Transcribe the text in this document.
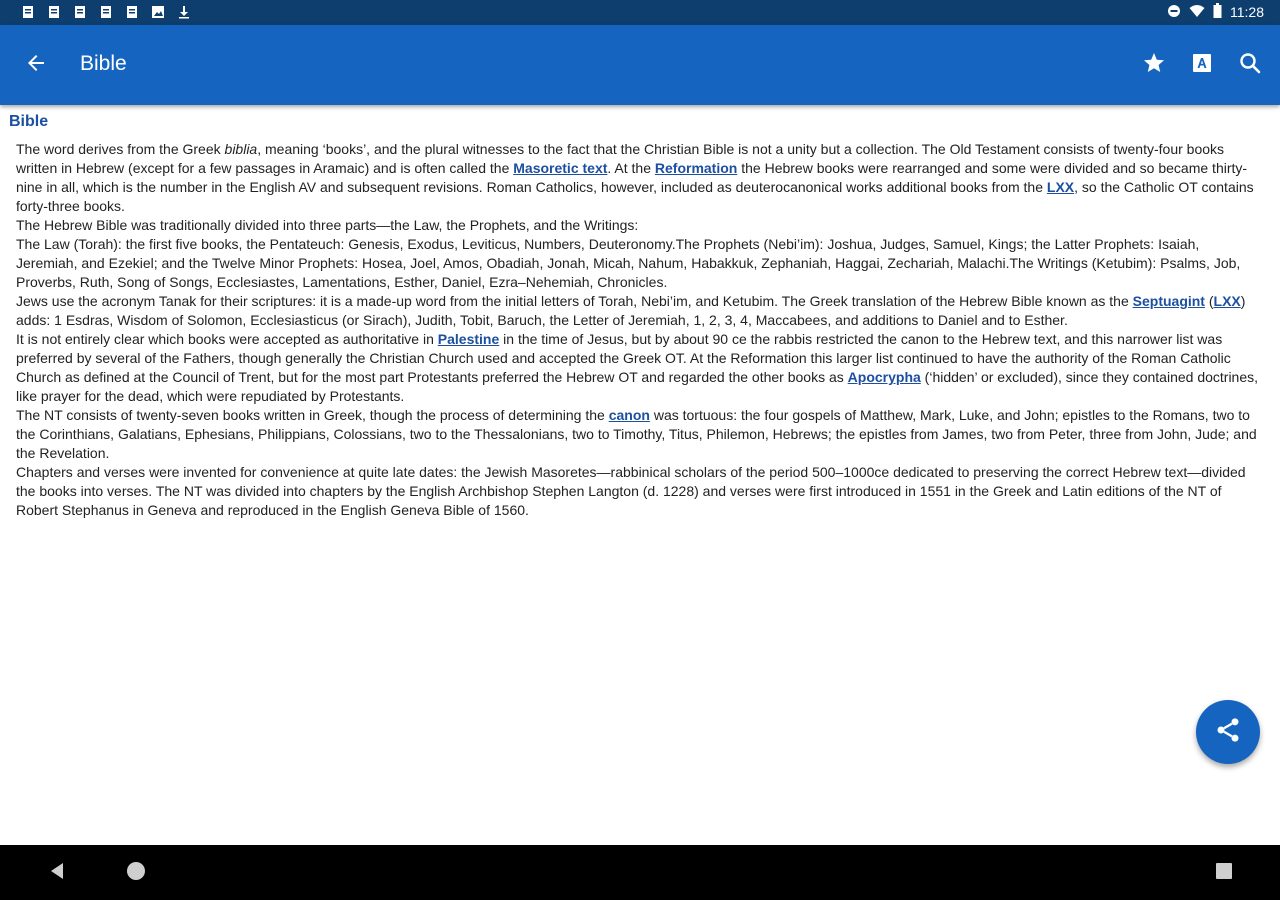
11:28
Bible
Bible

The word derives from the Greek biblia, meaning ‘books’, and the plural witnesses to the fact that the Christian Bible is not a unity but a collection. The Old Testament consists of twenty-four books written in Hebrew (except for a few passages in Aramaic) and is often called the Masoretic text. At the Reformation the Hebrew books were rearranged and some were divided and so became thirty-nine in all, which is the number in the English AV and subsequent revisions. Roman Catholics, however, included as deuterocanonical works additional books from the LXX, so the Catholic OT contains forty-three books.

The Hebrew Bible was traditionally divided into three parts—the Law, the Prophets, and the Writings:

The Law (Torah): the first five books, the Pentateuch: Genesis, Exodus, Leviticus, Numbers, Deuteronomy.The Prophets (Nebi’im): Joshua, Judges, Samuel, Kings; the Latter Prophets: Isaiah, Jeremiah, and Ezekiel; and the Twelve Minor Prophets: Hosea, Joel, Amos, Obadiah, Jonah, Micah, Nahum, Habakkuk, Zephaniah, Haggai, Zechariah, Malachi.The Writings (Ketubim): Psalms, Job, Proverbs, Ruth, Song of Songs, Ecclesiastes, Lamentations, Esther, Daniel, Ezra–Nehemiah, Chronicles.

Jews use the acronym Tanak for their scriptures: it is a made-up word from the initial letters of Torah, Nebi’im, and Ketubim. The Greek translation of the Hebrew Bible known as the Septuagint (LXX) adds: 1 Esdras, Wisdom of Solomon, Ecclesiasticus (or Sirach), Judith, Tobit, Baruch, the Letter of Jeremiah, 1, 2, 3, 4, Maccabees, and additions to Daniel and to Esther.

It is not entirely clear which books were accepted as authoritative in Palestine in the time of Jesus, but by about 90 ce the rabbis restricted the canon to the Hebrew text, and this narrower list was preferred by several of the Fathers, though generally the Christian Church used and accepted the Greek OT. At the Reformation this larger list continued to have the authority of the Roman Catholic Church as defined at the Council of Trent, but for the most part Protestants preferred the Hebrew OT and regarded the other books as Apocrypha (‘hidden’ or excluded), since they contained doctrines, like prayer for the dead, which were repudiated by Protestants.

The NT consists of twenty-seven books written in Greek, though the process of determining the canon was tortuous: the four gospels of Matthew, Mark, Luke, and John; epistles to the Romans, two to the Corinthians, Galatians, Ephesians, Philippians, Colossians, two to the Thessalonians, two to Timothy, Titus, Philemon, Hebrews; the epistles from James, two from Peter, three from John, Jude; and the Revelation.

Chapters and verses were invented for convenience at quite late dates: the Jewish Masoretes—rabbinical scholars of the period 500–1000ce dedicated to preserving the correct Hebrew text—divided the books into verses. The NT was divided into chapters by the English Archbishop Stephen Langton (d. 1228) and verses were first introduced in 1551 in the Greek and Latin editions of the NT of Robert Stephanus in Geneva and reproduced in the English Geneva Bible of 1560.
